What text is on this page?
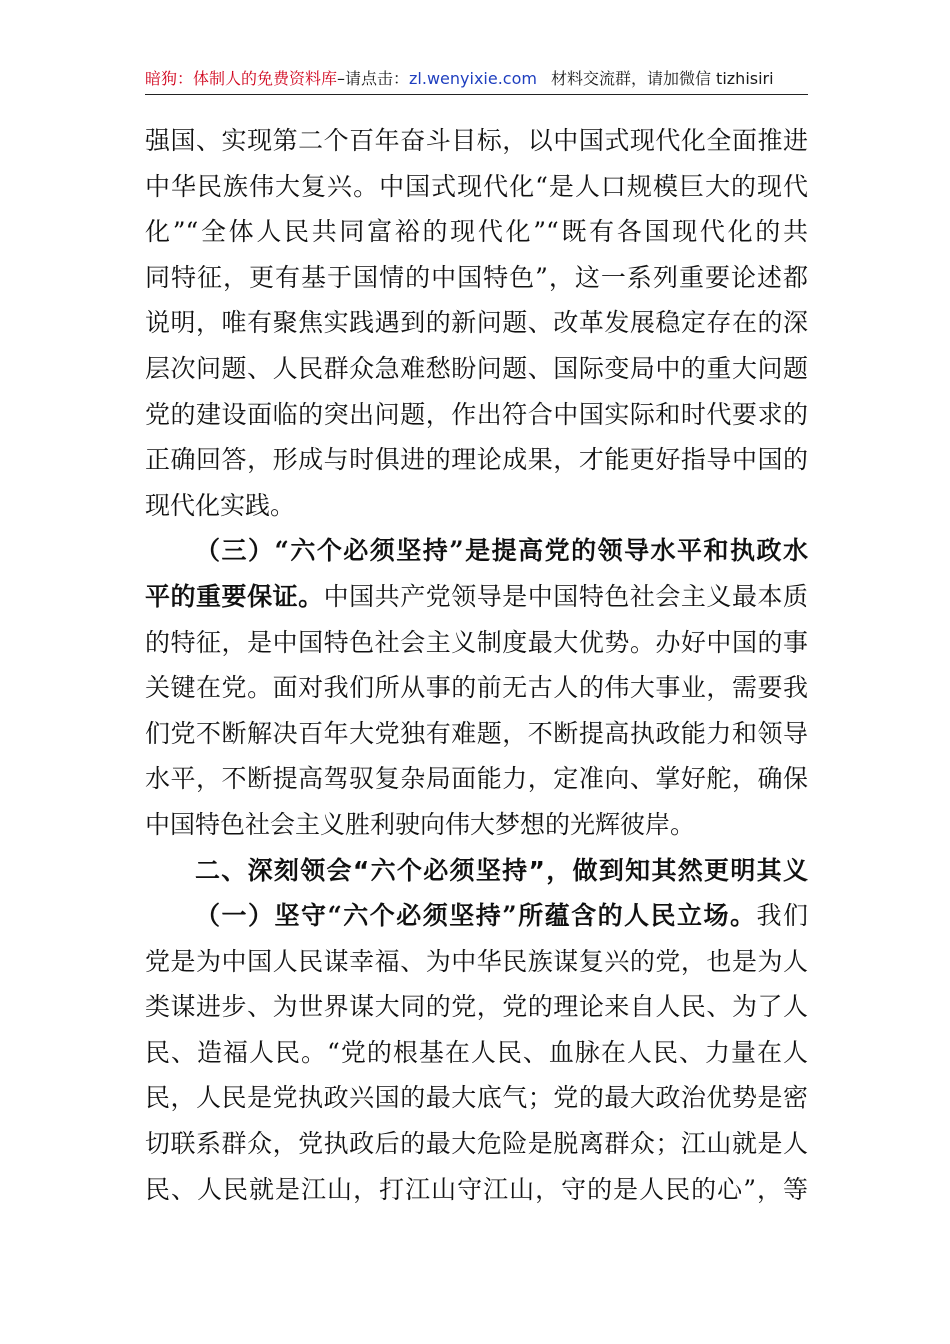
暗狗：体制人的免费资料库–请点击：zl.wenyixie.com 材料交流群，请加微信 tizhisiri
强国、实现第二个百年奋斗目标，以中国式现代化全面推进
中华民族伟大复兴。中国式现代化“是人口规模巨大的现代
化”“全体人民共同富裕的现代化”“既有各国现代化的共
同特征，更有基于国情的中国特色”，这一系列重要论述都
说明，唯有聚焦实践遇到的新问题、改革发展稳定存在的深
层次问题、人民群众急难愁盼问题、国际变局中的重大问题
党的建设面临的突出问题，作出符合中国实际和时代要求的
正确回答，形成与时俱进的理论成果，才能更好指导中国的
现代化实践。
（三）“六个必须坚持”是提高党的领导水平和执政水
平的重要保证。中国共产党领导是中国特色社会主义最本质
的特征，是中国特色社会主义制度最大优势。办好中国的事
关键在党。面对我们所从事的前无古人的伟大事业，需要我
们党不断解决百年大党独有难题，不断提高执政能力和领导
水平，不断提高驾驭复杂局面能力，定准向、掌好舵，确保
中国特色社会主义胜利驶向伟大梦想的光辉彼岸。
二、深刻领会“六个必须坚持”，做到知其然更明其义
（一）坚守“六个必须坚持”所蕴含的人民立场。我们
党是为中国人民谋幸福、为中华民族谋复兴的党，也是为人
类谋进步、为世界谋大同的党，党的理论来自人民、为了人
民、造福人民。“党的根基在人民、血脉在人民、力量在人
民，人民是党执政兴国的最大底气；党的最大政治优势是密
切联系群众，党执政后的最大危险是脱离群众；江山就是人
民、人民就是江山，打江山守江山，守的是人民的心”，等
